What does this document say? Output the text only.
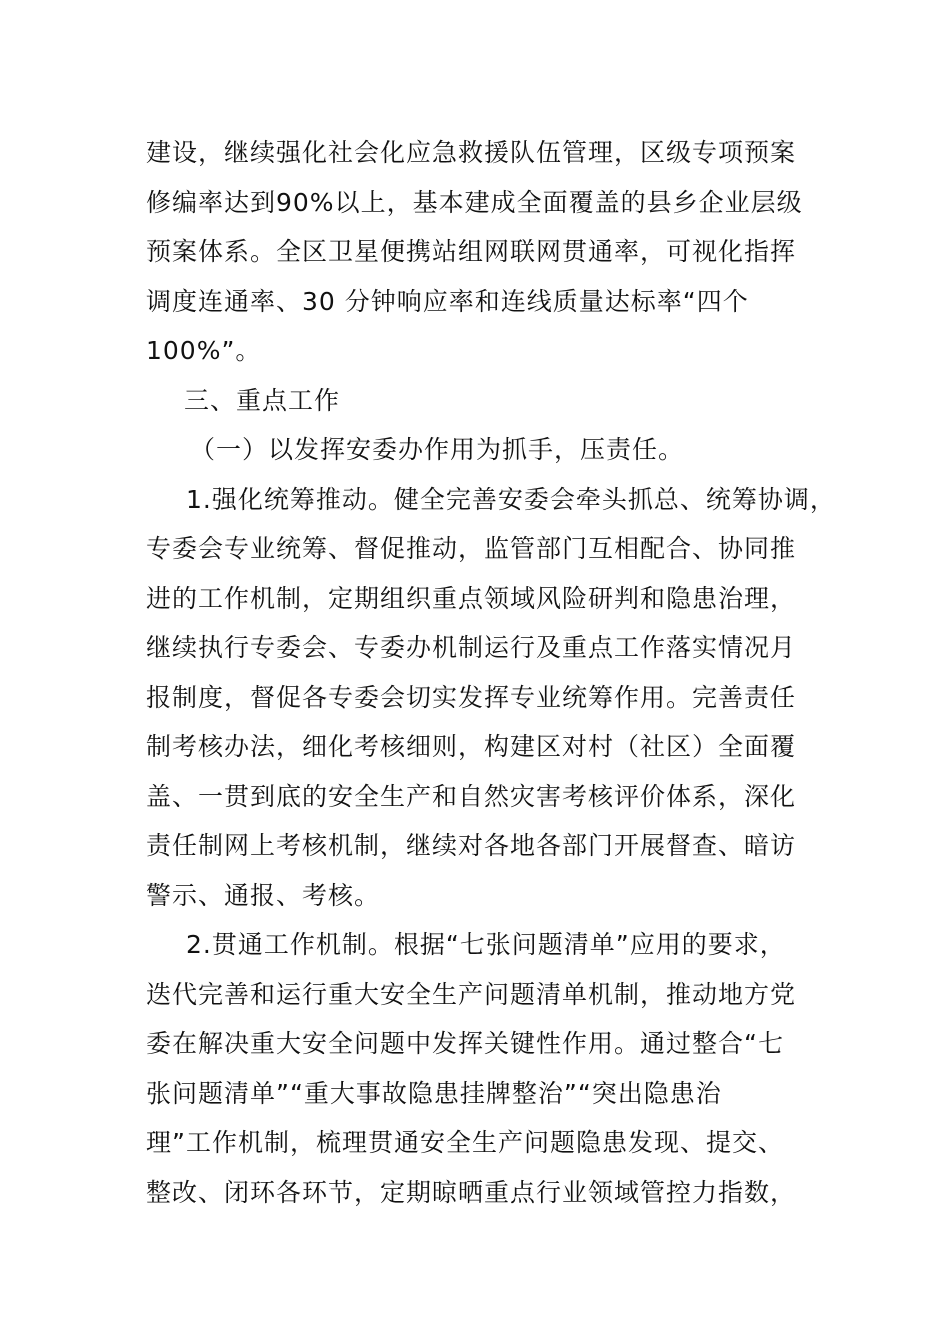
建设，继续强化社会化应急救援队伍管理，区级专项预案
修编率达到90%以上，基本建成全面覆盖的县乡企业层级
预案体系。全区卫星便携站组网联网贯通率，可视化指挥
调度连通率、30 分钟响应率和连线质量达标率“四个
100%”。
三、重点工作
（一）以发挥安委办作用为抓手，压责任。
1.强化统筹推动。健全完善安委会牵头抓总、统筹协调，
专委会专业统筹、督促推动，监管部门互相配合、协同推
进的工作机制，定期组织重点领域风险研判和隐患治理，
继续执行专委会、专委办机制运行及重点工作落实情况月
报制度，督促各专委会切实发挥专业统筹作用。完善责任
制考核办法，细化考核细则，构建区对村（社区）全面覆
盖、一贯到底的安全生产和自然灾害考核评价体系，深化
责任制网上考核机制，继续对各地各部门开展督查、暗访
警示、通报、考核。
2.贯通工作机制。根据“七张问题清单”应用的要求，
迭代完善和运行重大安全生产问题清单机制，推动地方党
委在解决重大安全问题中发挥关键性作用。通过整合“七
张问题清单”“重大事故隐患挂牌整治”“突出隐患治
理”工作机制，梳理贯通安全生产问题隐患发现、提交、
整改、闭环各环节，定期晾晒重点行业领域管控力指数，
